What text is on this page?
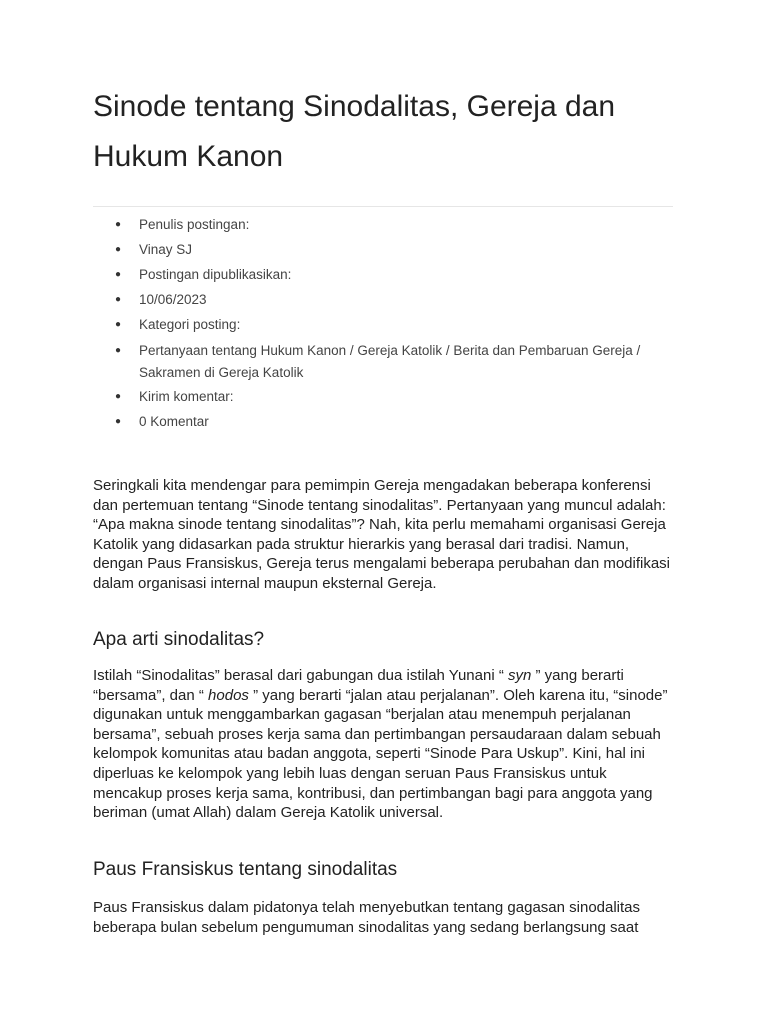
Sinode tentang Sinodalitas, Gereja dan Hukum Kanon
● Penulis postingan:
● Vinay SJ
● Postingan dipublikasikan:
● 10/06/2023
● Kategori posting:
● Pertanyaan tentang Hukum Kanon / Gereja Katolik / Berita dan Pembaruan Gereja / Sakramen di Gereja Katolik
● Kirim komentar:
● 0 Komentar

Seringkali kita mendengar para pemimpin Gereja mengadakan beberapa konferensi dan pertemuan tentang “Sinode tentang sinodalitas”. Pertanyaan yang muncul adalah: “Apa makna sinode tentang sinodalitas”? Nah, kita perlu memahami organisasi Gereja Katolik yang didasarkan pada struktur hierarkis yang berasal dari tradisi. Namun, dengan Paus Fransiskus, Gereja terus mengalami beberapa perubahan dan modifikasi dalam organisasi internal maupun eksternal Gereja.

Apa arti sinodalitas?

Istilah “Sinodalitas” berasal dari gabungan dua istilah Yunani “ syn ” yang berarti “bersama”, dan “ hodos ” yang berarti “jalan atau perjalanan”. Oleh karena itu, “sinode” digunakan untuk menggambarkan gagasan “berjalan atau menempuh perjalanan bersama”, sebuah proses kerja sama dan pertimbangan persaudaraan dalam sebuah kelompok komunitas atau badan anggota, seperti “Sinode Para Uskup”. Kini, hal ini diperluas ke kelompok yang lebih luas dengan seruan Paus Fransiskus untuk mencakup proses kerja sama, kontribusi, dan pertimbangan bagi para anggota yang beriman (umat Allah) dalam Gereja Katolik universal.

Paus Fransiskus tentang sinodalitas

Paus Fransiskus dalam pidatonya telah menyebutkan tentang gagasan sinodalitas beberapa bulan sebelum pengumuman sinodalitas yang sedang berlangsung saat
